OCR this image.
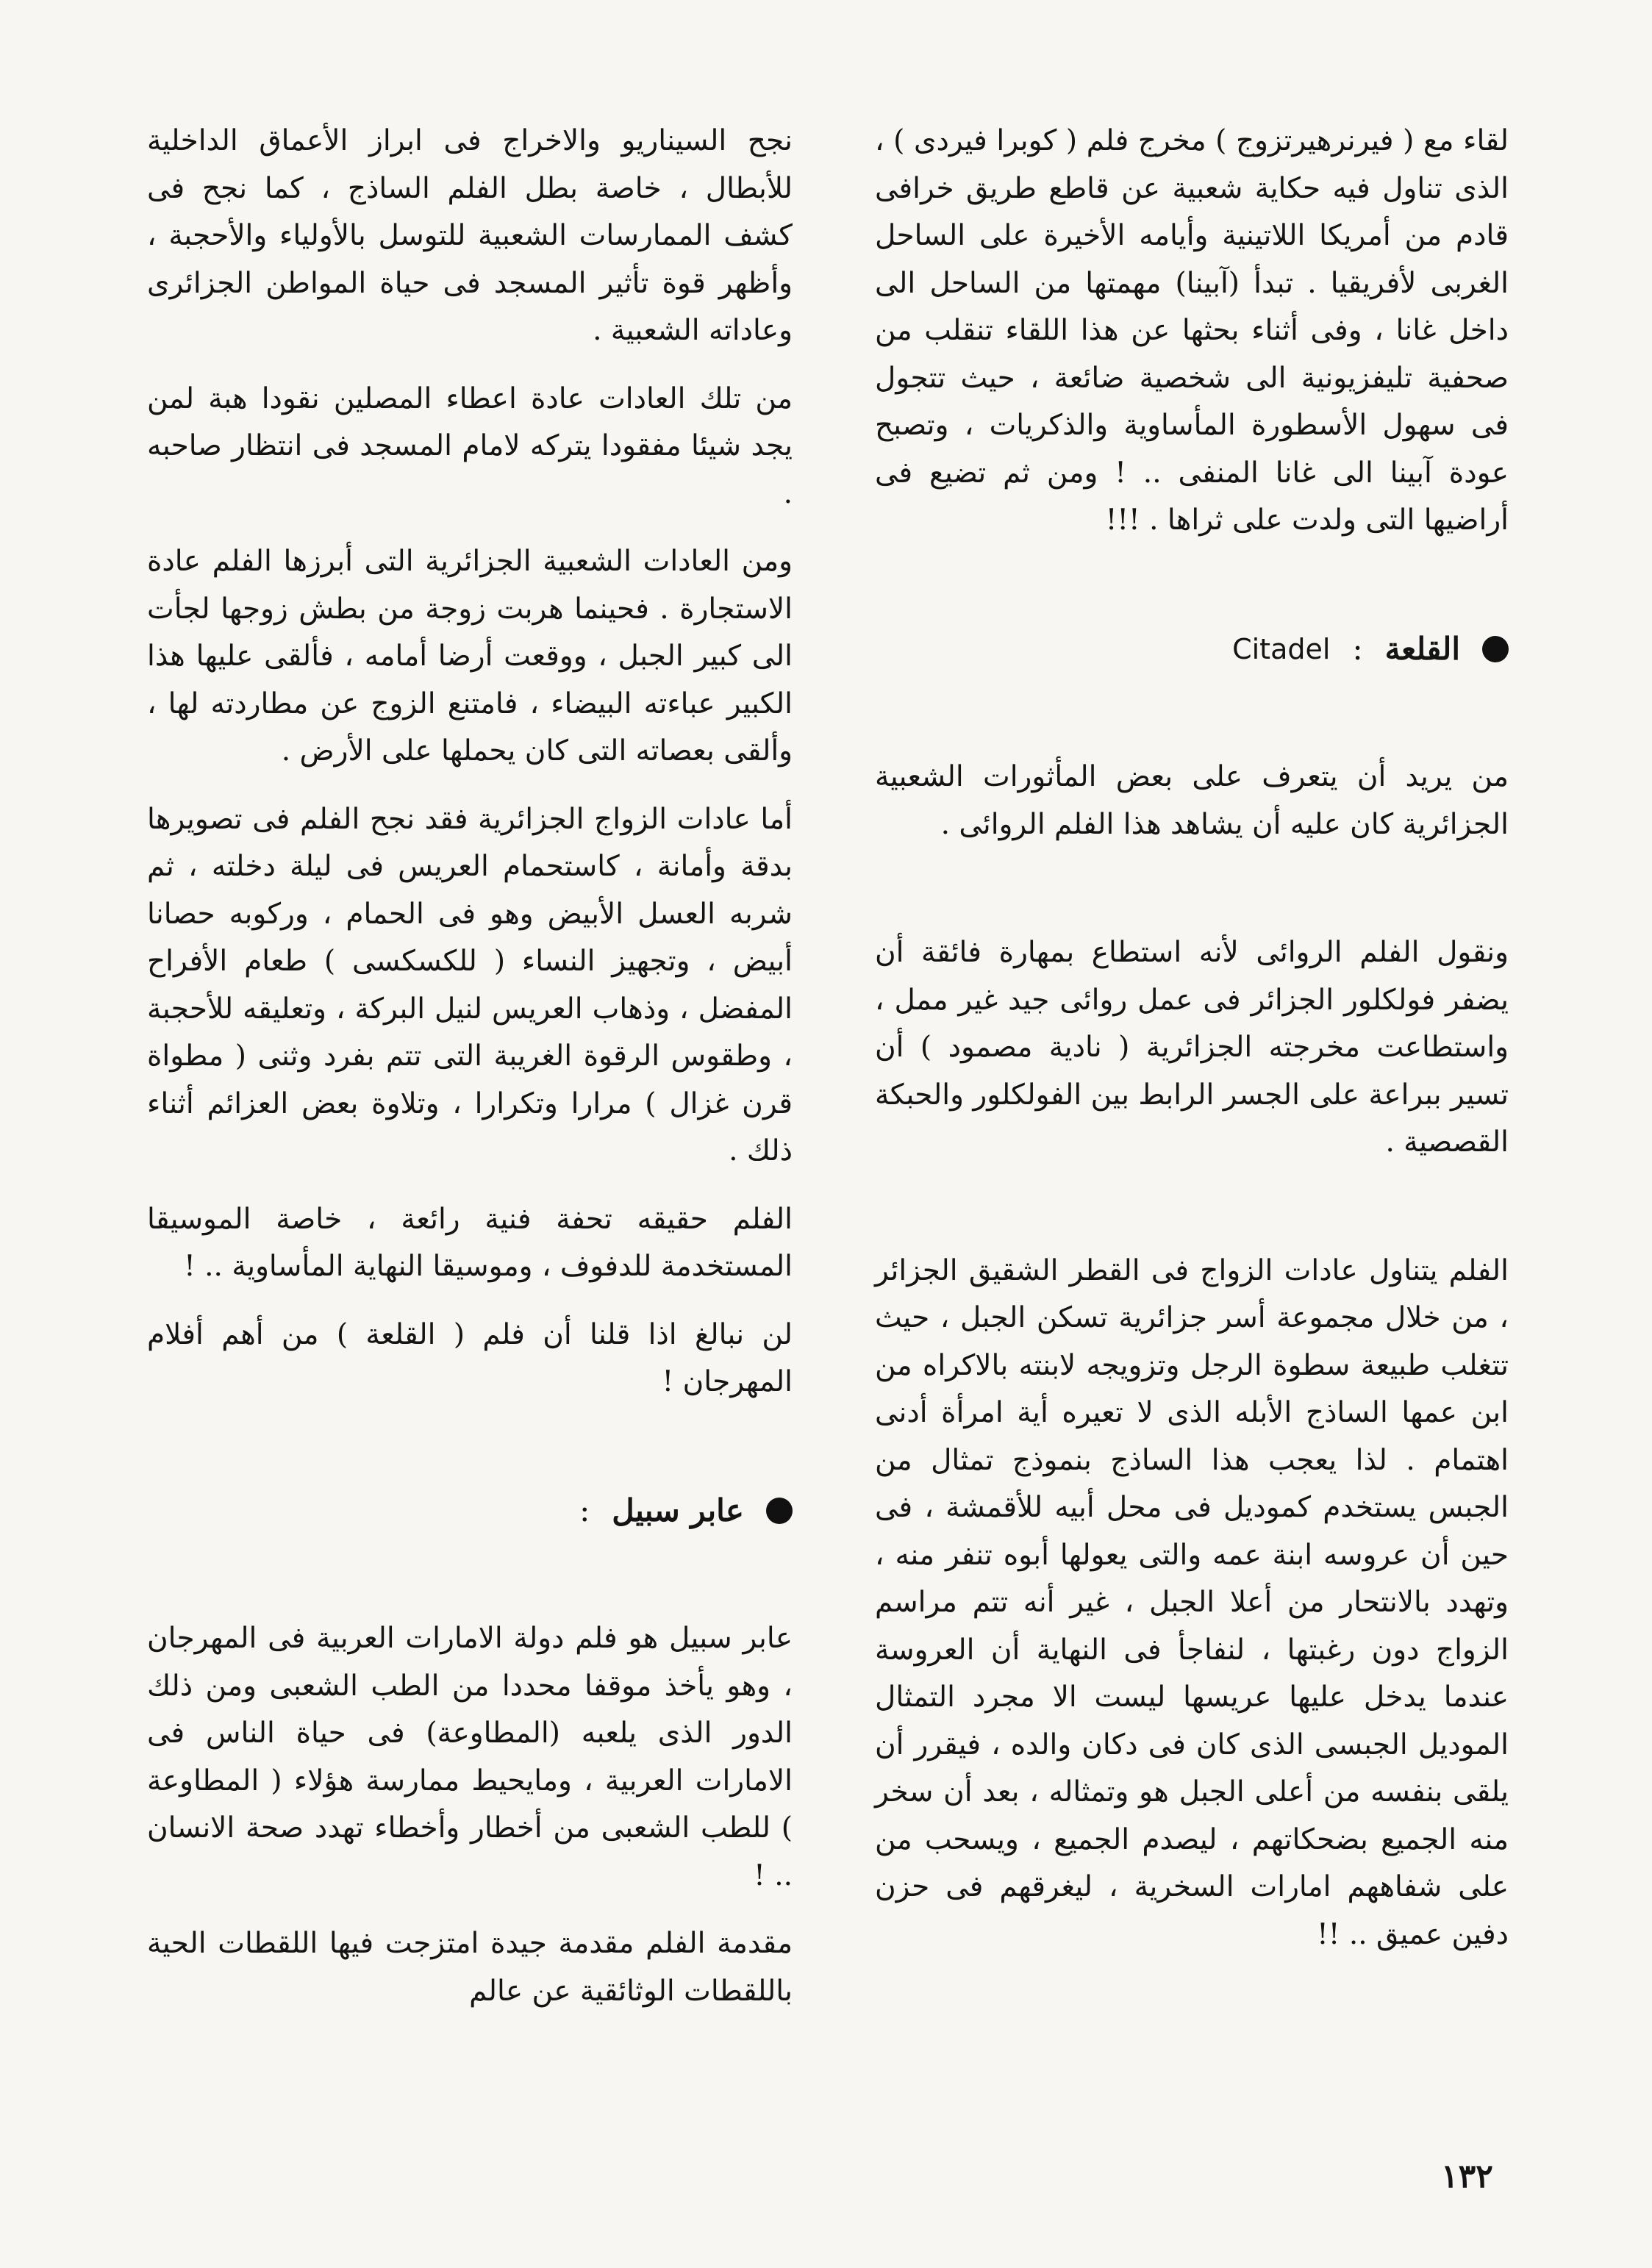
لقاء مع ( فيرنرهيرتزوج ) مخرج فلم ( كوبرا فيردى ) ، الذى تناول فيه حكاية شعبية عن قاطع طريق خرافى قادم من أمريكا اللاتينية وأيامه الأخيرة على الساحل الغربى لأفريقيا . تبدأ (آبينا) مهمتها من الساحل الى داخل غانا ، وفى أثناء بحثها عن هذا اللقاء تنقلب من صحفية تليفزيونية الى شخصية ضائعة ، حيث تتجول فى سهول الأسطورة المأساوية والذكريات ، وتصبح عودة آبينا الى غانا المنفى .. ! ومن ثم تضيع فى أراضيها التى ولدت على ثراها . !!!

القلعة
:
Citadel

من يريد أن يتعرف على بعض المأثورات الشعبية الجزائرية كان عليه أن يشاهد هذا الفلم الروائى .

ونقول الفلم الروائى لأنه استطاع بمهارة فائقة أن يضفر فولكلور الجزائر فى عمل روائى جيد غير ممل ، واستطاعت مخرجته الجزائرية ( نادية مصمود ) أن تسير ببراعة على الجسر الرابط بين الفولكلور والحبكة القصصية .

الفلم يتناول عادات الزواج فى القطر الشقيق الجزائر ، من خلال مجموعة أسر جزائرية تسكن الجبل ، حيث تتغلب طبيعة سطوة الرجل وتزويجه لابنته بالاكراه من ابن عمها الساذج الأبله الذى لا تعيره أية امرأة أدنى اهتمام . لذا يعجب هذا الساذج بنموذج تمثال من الجبس يستخدم كموديل فى محل أبيه للأقمشة ، فى حين أن عروسه ابنة عمه والتى يعولها أبوه تنفر منه ، وتهدد بالانتحار من أعلا الجبل ، غير أنه تتم مراسم الزواج دون رغبتها ، لنفاجأ فى النهاية أن العروسة عندما يدخل عليها عريسها ليست الا مجرد التمثال الموديل الجبسى الذى كان فى دكان والده ، فيقرر أن يلقى بنفسه من أعلى الجبل هو وتمثاله ، بعد أن سخر منه الجميع بضحكاتهم ، ليصدم الجميع ، ويسحب من على شفاههم امارات السخرية ، ليغرقهم فى حزن دفين عميق .. !!

نجح السيناريو والاخراج فى ابراز الأعماق الداخلية للأبطال ، خاصة بطل الفلم الساذج ، كما نجح فى كشف الممارسات الشعبية للتوسل بالأولياء والأحجبة ، وأظهر قوة تأثير المسجد فى حياة المواطن الجزائرى وعاداته الشعبية .

من تلك العادات عادة اعطاء المصلين نقودا هبة لمن يجد شيئا مفقودا يتركه لامام المسجد فى انتظار صاحبه .

ومن العادات الشعبية الجزائرية التى أبرزها الفلم عادة الاستجارة . فحينما هربت زوجة من بطش زوجها لجأت الى كبير الجبل ، ووقعت أرضا أمامه ، فألقى عليها هذا الكبير عباءته البيضاء ، فامتنع الزوج عن مطاردته لها ، وألقى بعصاته التى كان يحملها على الأرض .

أما عادات الزواج الجزائرية فقد نجح الفلم فى تصويرها بدقة وأمانة ، كاستحمام العريس فى ليلة دخلته ، ثم شربه العسل الأبيض وهو فى الحمام ، وركوبه حصانا أبيض ، وتجهيز النساء ( للكسكسى ) طعام الأفراح المفضل ، وذهاب العريس لنيل البركة ، وتعليقه للأحجبة ، وطقوس الرقوة الغريبة التى تتم بفرد وثنى ( مطواة قرن غزال ) مرارا وتكرارا ، وتلاوة بعض العزائم أثناء ذلك .

الفلم حقيقه تحفة فنية رائعة ، خاصة الموسيقا المستخدمة للدفوف ، وموسيقا النهاية المأساوية .. !

لن نبالغ اذا قلنا أن فلم ( القلعة ) من أهم أفلام المهرجان !

عابر سبيل
:

عابر سبيل هو فلم دولة الامارات العربية فى المهرجان ، وهو يأخذ موقفا محددا من الطب الشعبى ومن ذلك الدور الذى يلعبه (المطاوعة) فى حياة الناس فى الامارات العربية ، ومايحيط ممارسة هؤلاء ( المطاوعة ) للطب الشعبى من أخطار وأخطاء تهدد صحة الانسان .. !

مقدمة الفلم مقدمة جيدة امتزجت فيها اللقطات الحية باللقطات الوثائقية عن عالم

١٣٢
